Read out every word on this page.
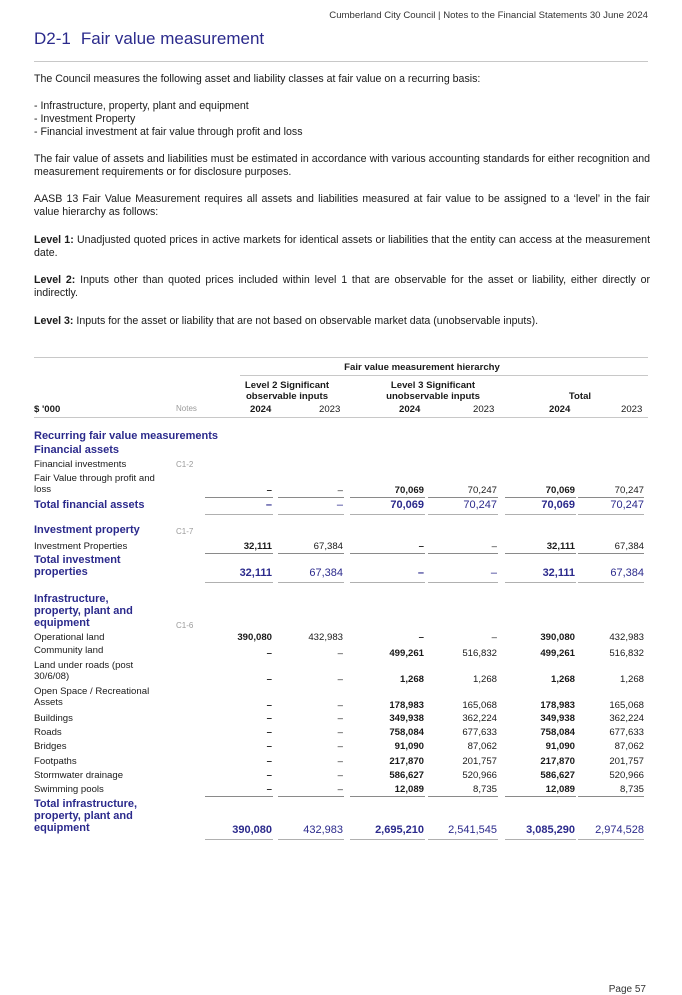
Cumberland City Council | Notes to the Financial Statements 30 June 2024
D2-1 Fair value measurement
The Council measures the following asset and liability classes at fair value on a recurring basis:
- Infrastructure, property, plant and equipment
- Investment Property
- Financial investment at fair value through profit and loss
The fair value of assets and liabilities must be estimated in accordance with various accounting standards for either recognition and measurement requirements or for disclosure purposes.
AASB 13 Fair Value Measurement requires all assets and liabilities measured at fair value to be assigned to a ‘level’ in the fair value hierarchy as follows:
Level 1: Unadjusted quoted prices in active markets for identical assets or liabilities that the entity can access at the measurement date.
Level 2: Inputs other than quoted prices included within level 1 that are observable for the asset or liability, either directly or indirectly.
Level 3: Inputs for the asset or liability that are not based on observable market data (unobservable inputs).
Fair value measurement hierarchy
Level 2 Significant
observable inputs
Level 3 Significant
unobservable inputs	Total
$ '000	Notes	2024	2023	2024	2023	2024	2023
Recurring fair value measurements
Financial assets
Financial investments	C1-2
Fair Value through profit and loss	–	–	70,069	70,247	70,069	70,247
Total financial assets	–	–	70,069	70,247	70,069	70,247
Investment property	C1-7
Investment Properties	32,111	67,384	–	–	32,111	67,384
Total investment properties	32,111	67,384	–	–	32,111	67,384
Infrastructure, property, plant and equipment	C1-6
Operational land	390,080	432,983	–	–	390,080	432,983
Community land	–	–	499,261	516,832	499,261	516,832
Land under roads (post 30/6/08)	–	–	1,268	1,268	1,268	1,268
Open Space / Recreational Assets	–	–	178,983	165,068	178,983	165,068
Buildings	–	–	349,938	362,224	349,938	362,224
Roads	–	–	758,084	677,633	758,084	677,633
Bridges	–	–	91,090	87,062	91,090	87,062
Footpaths	–	–	217,870	201,757	217,870	201,757
Stormwater drainage	–	–	586,627	520,966	586,627	520,966
Swimming pools	–	–	12,089	8,735	12,089	8,735
Total infrastructure, property, plant and equipment	390,080	432,983	2,695,210	2,541,545	3,085,290	2,974,528
Page 57
